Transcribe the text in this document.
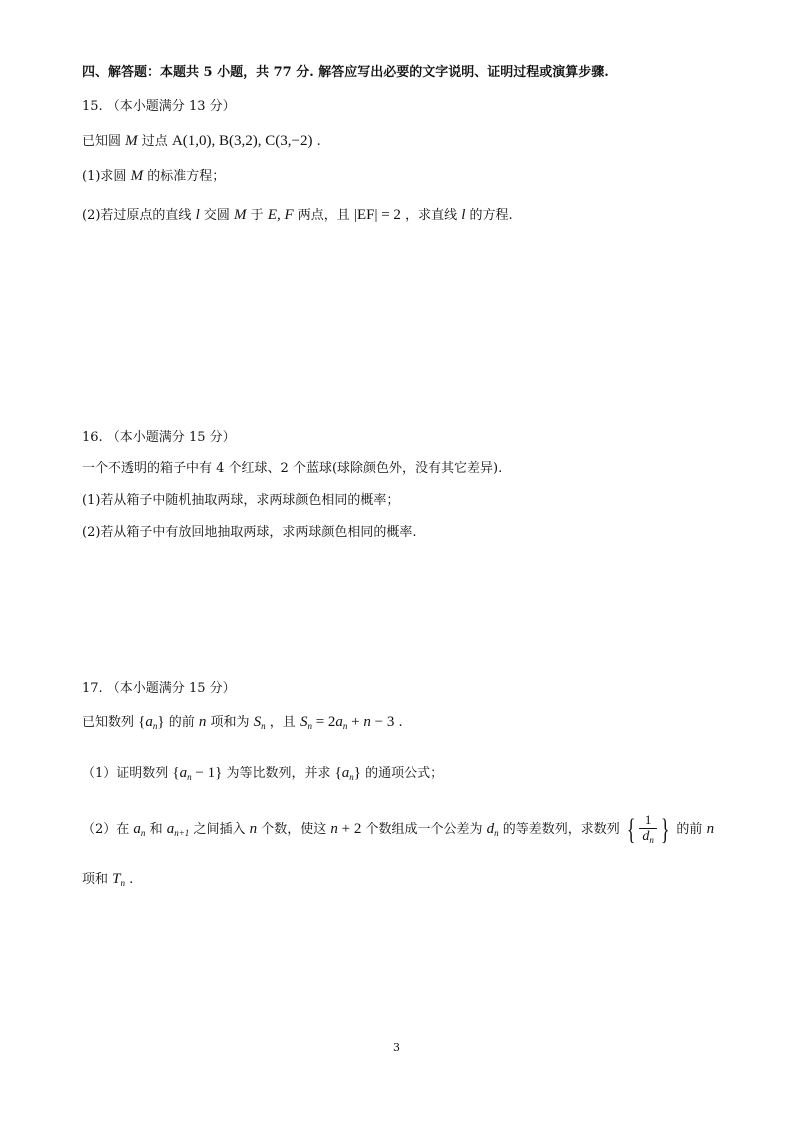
四、解答题：本题共 5 小题，共 77 分. 解答应写出必要的文字说明、证明过程或演算步骤.
15. （本小题满分 13 分）
已知圆 M 过点 A(1,0), B(3,2), C(3,−2) .
(1)求圆 M 的标准方程；
(2)若过原点的直线 l 交圆 M 于 E, F 两点，且 |EF| = 2 ，求直线 l 的方程.
16. （本小题满分 15 分）
一个不透明的箱子中有 4 个红球、2 个蓝球(球除颜色外，没有其它差异).
(1)若从箱子中随机抽取两球，求两球颜色相同的概率；
(2)若从箱子中有放回地抽取两球，求两球颜色相同的概率.
17. （本小题满分 15 分）
已知数列 $\{a_n\}$ 的前 n 项和为 $S_n$ ，且 $S_n = 2a_n + n - 3$ .
（1）证明数列 $\{a_n - 1\}$ 为等比数列，并求 $\{a_n\}$ 的通项公式；
（2）在 $a_n$ 和 $a_{n+1}$ 之间插入 n 个数，使这 n + 2 个数组成一个公差为 $d_n$ 的等差数列，求数列 { $\frac{1}{d_n}$ } 的前 n
项和 $T_n$ .
3
